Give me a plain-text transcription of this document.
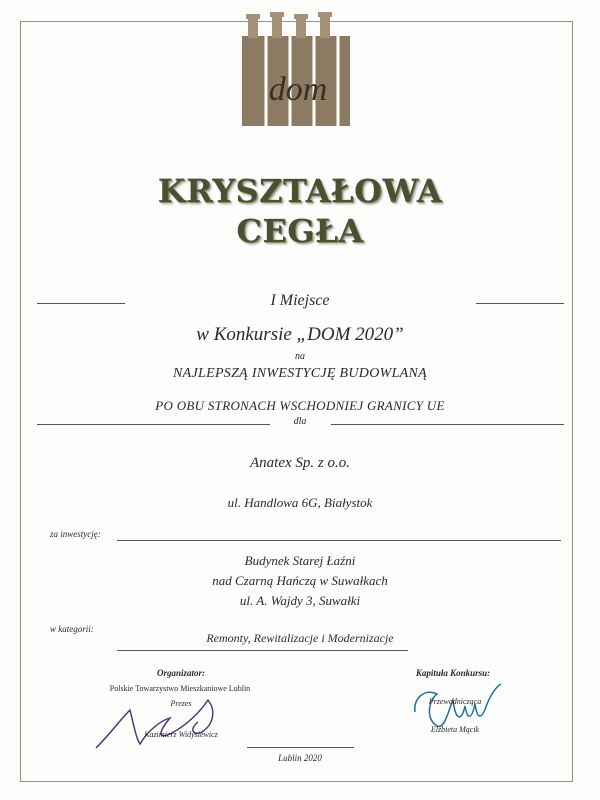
dom
KRYSZTAŁOWA
CEGŁA
I Miejsce
w Konkursie „DOM 2020”
na
NAJLEPSZĄ INWESTYCJĘ BUDOWLANĄ
PO OBU STRONACH WSCHODNIEJ GRANICY UE
dla
Anatex Sp. z o.o.
ul. Handlowa 6G, Białystok
za inwestycję:
Budynek Starej Łaźni
nad Czarną Hańczą w Suwałkach
ul. A. Wajdy 3, Suwałki
w kategorii:
Remonty, Rewitalizacje i Modernizacje
Organizator:
Polskie Towarzystwo Mieszkaniowe Lublin
Prezes
Kazimierz Widysiewicz
Kapituła Konkursu:
Przewodnicząca
Elżbieta Mącik
Lublin 2020
